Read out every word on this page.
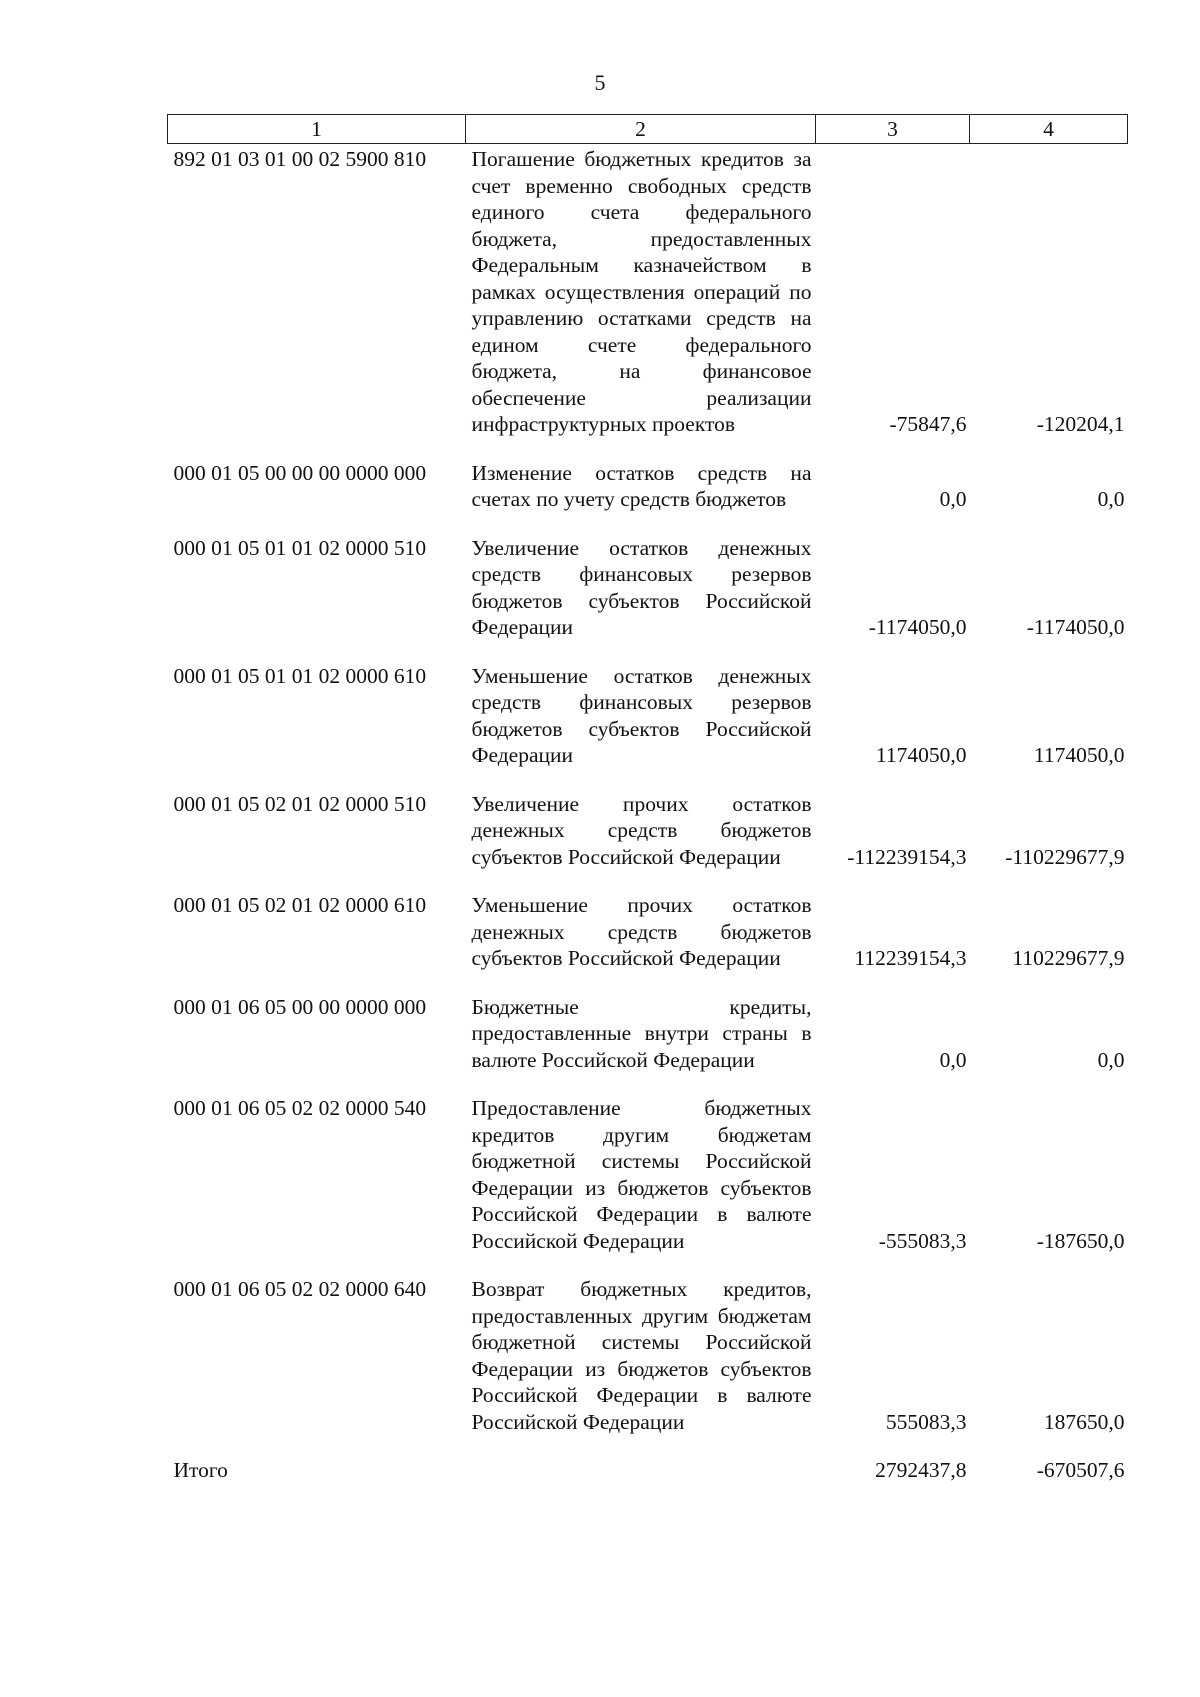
5
1	2	3	4
892 01 03 01 00 02 5900 810	Погашение бюджетных кредитов за счет временно свободных средств единого счета федерального бюджета, предоставленных Федеральным казначейством в рамках осуществления операций по управлению остатками средств на едином счете федерального бюджета, на финансовое обеспечение реализации инфраструктурных проектов	-75847,6	-120204,1
000 01 05 00 00 00 0000 000	Изменение остатков средств на счетах по учету средств бюджетов	0,0	0,0
000 01 05 01 01 02 0000 510	Увеличение остатков денежных средств финансовых резервов бюджетов субъектов Российской Федерации	-1174050,0	-1174050,0
000 01 05 01 01 02 0000 610	Уменьшение остатков денежных средств финансовых резервов бюджетов субъектов Российской Федерации	1174050,0	1174050,0
000 01 05 02 01 02 0000 510	Увеличение прочих остатков денежных средств бюджетов субъектов Российской Федерации	-112239154,3	-110229677,9
000 01 05 02 01 02 0000 610	Уменьшение прочих остатков денежных средств бюджетов субъектов Российской Федерации	112239154,3	110229677,9
000 01 06 05 00 00 0000 000	Бюджетные кредиты, предоставленные внутри страны в валюте Российской Федерации	0,0	0,0
000 01 06 05 02 02 0000 540	Предоставление бюджетных кредитов другим бюджетам бюджетной системы Российской Федерации из бюджетов субъектов Российской Федерации в валюте Российской Федерации	-555083,3	-187650,0
000 01 06 05 02 02 0000 640	Возврат бюджетных кредитов, предоставленных другим бюджетам бюджетной системы Российской Федерации из бюджетов субъектов Российской Федерации в валюте Российской Федерации	555083,3	187650,0
Итого		2792437,8	-670507,6
